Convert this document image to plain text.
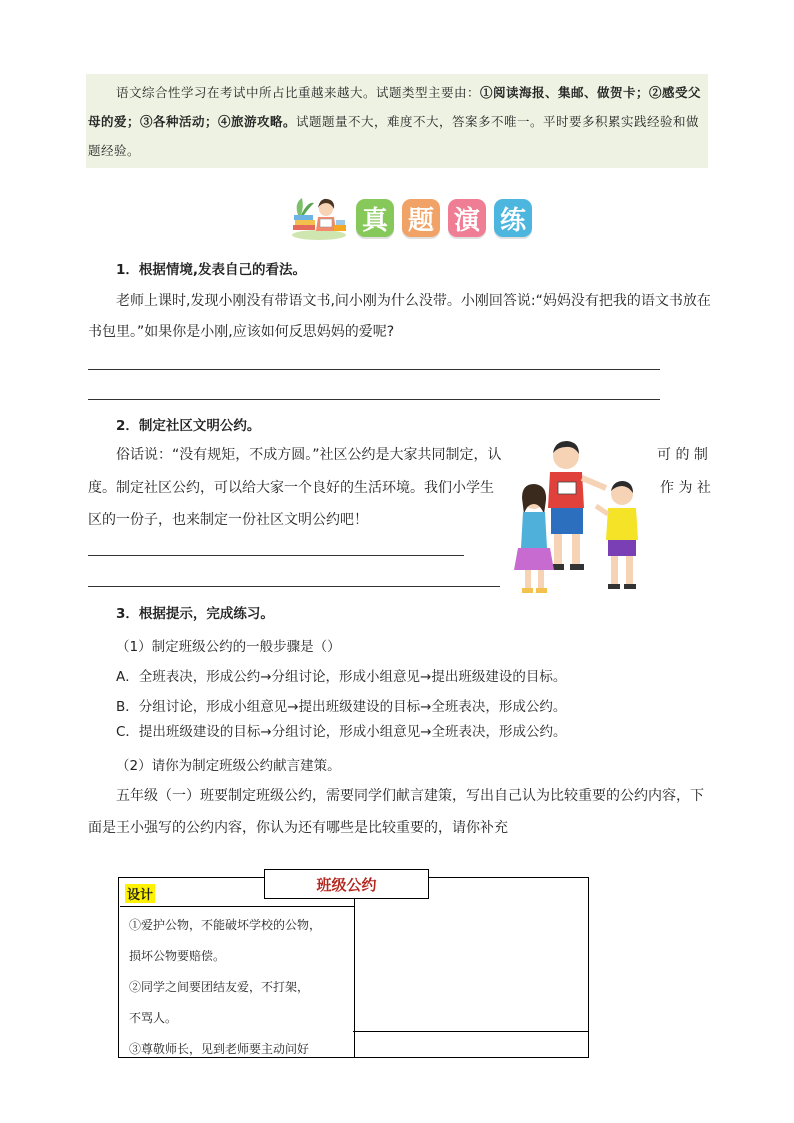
语文综合性学习在考试中所占比重越来越大。试题类型主要由：①阅读海报、集邮、做贺卡；②感受父母的爱；③各种活动；④旅游攻略。试题题量不大，难度不大，答案多不唯一。平时要多积累实践经验和做题经验。

真 题 演 练
1．根据情境,发表自己的看法。
老师上课时,发现小刚没有带语文书,问小刚为什么没带。小刚回答说:“妈妈没有把我的语文书放在
书包里。”如果你是小刚,应该如何反思妈妈的爱呢?
2．制定社区文明公约。
俗话说：“没有规矩，不成方圆。”社区公约是大家共同制定，认	可 的 制
度。制定社区公约，可以给大家一个良好的生活环境。我们小学生	作 为 社
区的一份子，也来制定一份社区文明公约吧！
3．根据提示，完成练习。
（1）制定班级公约的一般步骤是（）
A．全班表决，形成公约→分组讨论，形成小组意见→提出班级建设的目标。
B．分组讨论，形成小组意见→提出班级建设的目标→全班表决，形成公约。
C．提出班级建设的目标→分组讨论，形成小组意见→全班表决，形成公约。
（2）请你为制定班级公约献言建策。
五年级（一）班要制定班级公约，需要同学们献言建策，写出自己认为比较重要的公约内容，下
面是王小强写的公约内容，你认为还有哪些是比较重要的，请你补充
设计
①爱护公物，不能破坏学校的公物，
损坏公物要赔偿。
②同学之间要团结友爱，不打架，
不骂人。
③尊敬师长，见到老师要主动问好
班级公约
